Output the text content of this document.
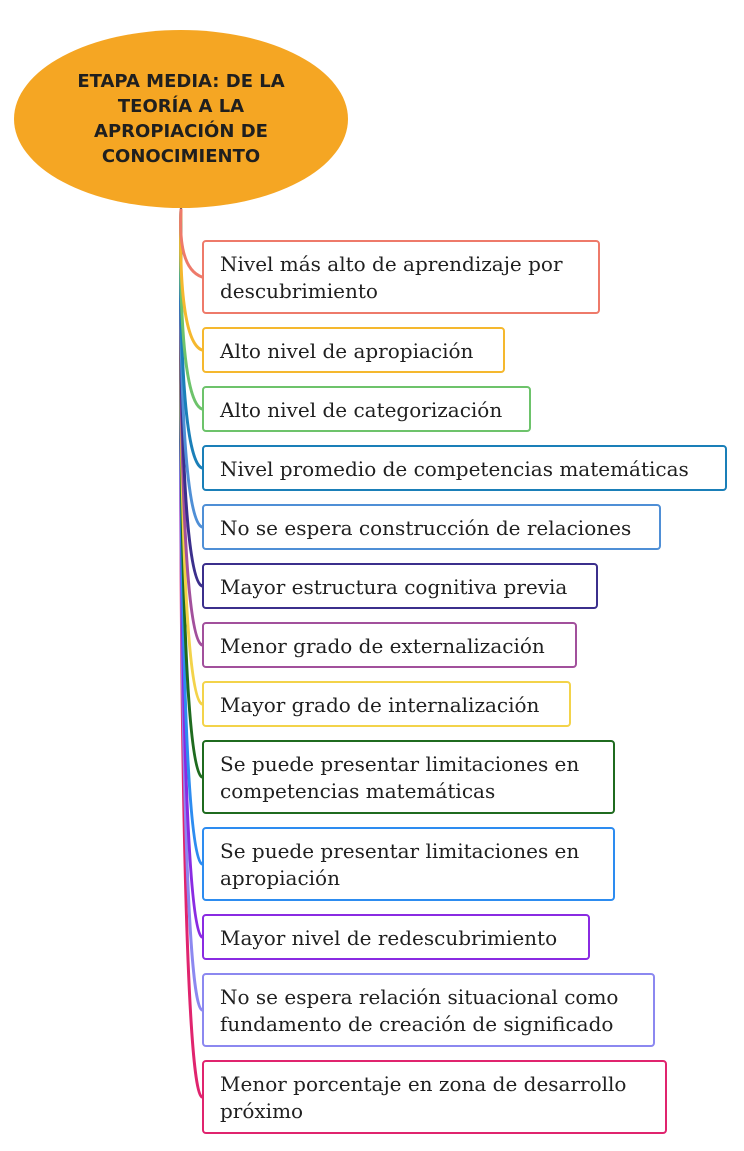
ETAPA MEDIA: DE LA TEORÍA A LA APROPIACIÓN DE CONOCIMIENTO
Nivel más alto de aprendizaje por descubrimiento
Alto nivel de apropiación
Alto nivel de categorización
Nivel promedio de competencias matemáticas
No se espera construcción de relaciones
Mayor estructura cognitiva previa
Menor grado de externalización
Mayor grado de internalización
Se puede presentar limitaciones en competencias matemáticas
Se puede presentar limitaciones en apropiación
Mayor nivel de redescubrimiento
No se espera relación situacional como fundamento de creación de significado
Menor porcentaje en zona de desarrollo próximo
